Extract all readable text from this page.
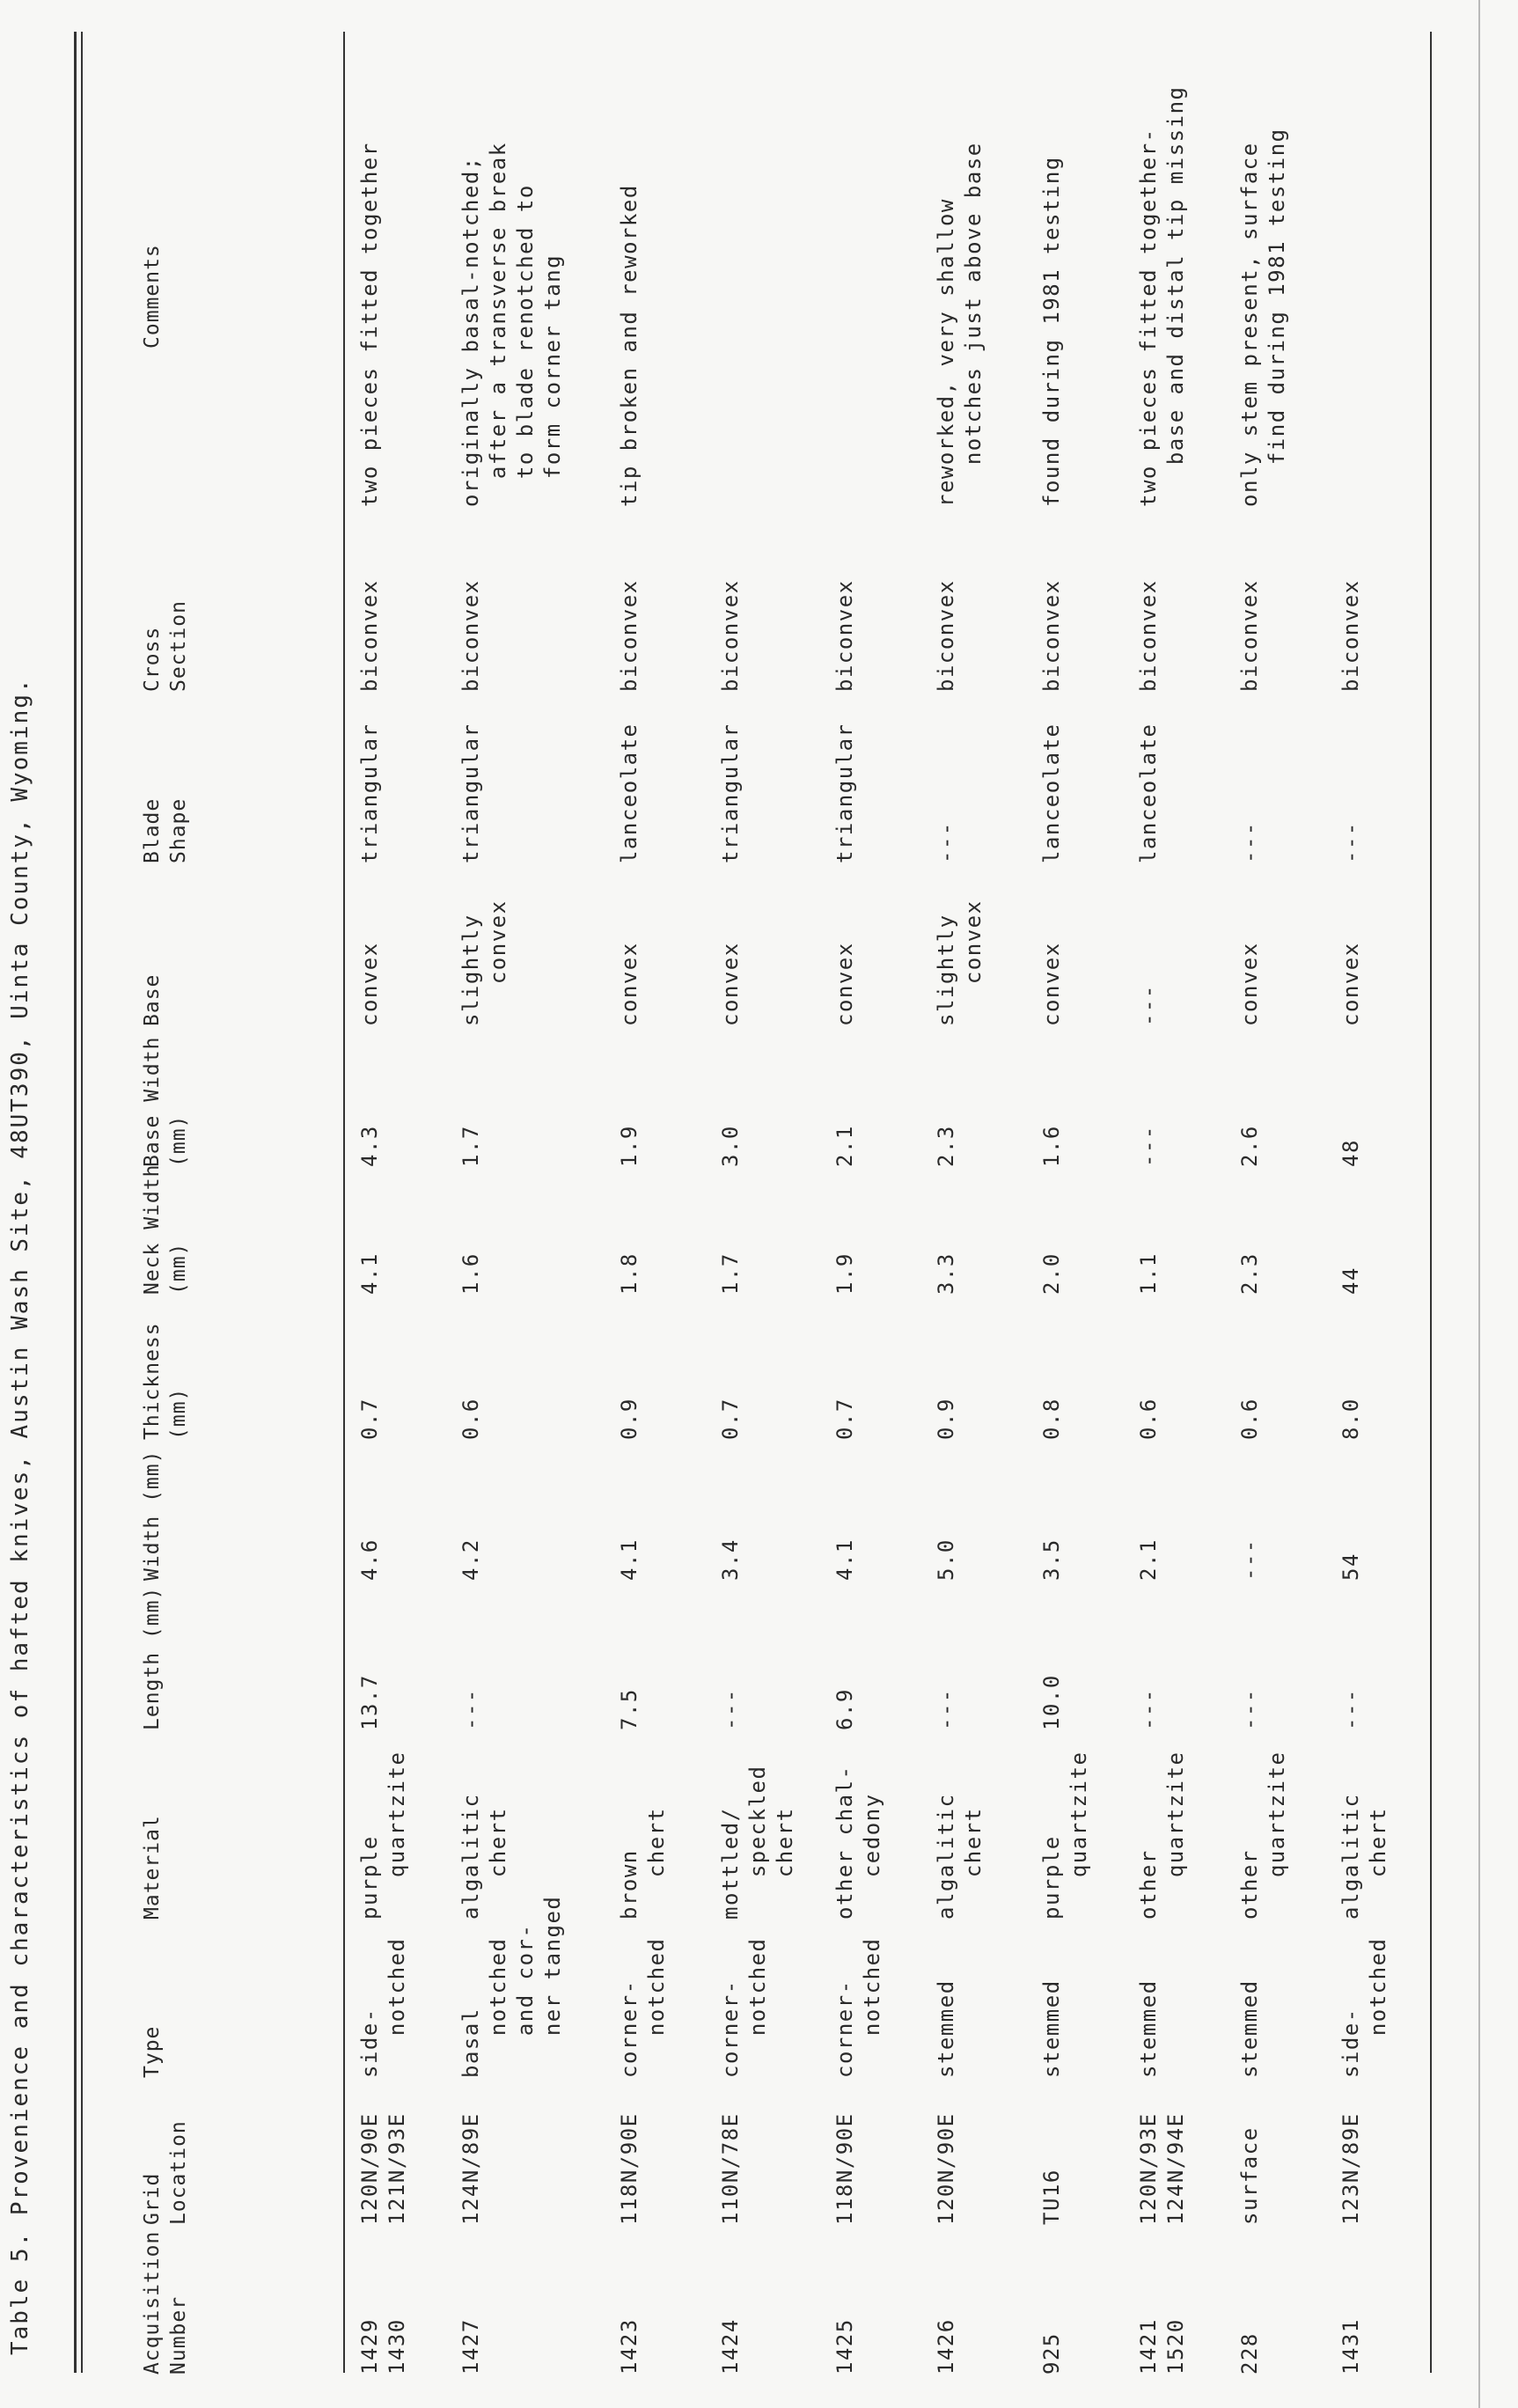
Table 5. Provenience and characteristics of hafted knives, Austin Wash Site, 48UT390, Uinta County, Wyoming.	Acquisition Number
Grid Location
Type
Material
Length (mm)
Width (mm)
Thickness (mm)
Neck Width (mm)
Base Width (mm)
Base
Blade Shape
Cross Section
Comments
1429 1430
120N/90E 121N/93E
side- notched
purple quartzite
13.7
4.6
0.7
4.1
4.3
convex
triangular
biconvex
two pieces fitted together
1427
124N/89E
basal notched and cor- ner tanged
algalitic chert
---
4.2
0.6
1.6
1.7
slightly convex
triangular
biconvex
originally basal-notched; after a transverse break to blade renotched to form corner tang
1423
118N/90E
corner- notched
brown chert
7.5
4.1
0.9
1.8
1.9
convex
lanceolate
biconvex
tip broken and reworked
1424
110N/78E
corner- notched
mottled/ speckled chert
---
3.4
0.7
1.7
3.0
convex
triangular
biconvex
1425
118N/90E
corner- notched
other chal- cedony
6.9
4.1
0.7
1.9
2.1
convex
triangular
biconvex
1426
120N/90E
stemmed
algalitic chert
---
5.0
0.9
3.3
2.3
slightly convex
---
biconvex
reworked, very shallow notches just above base
925
TU16
stemmed
purple quartzite
10.0
3.5
0.8
2.0
1.6
convex
lanceolate
biconvex
found during 1981 testing
1421 1520
120N/93E 124N/94E
stemmed
other quartzite
---
2.1
0.6
1.1
---
---
lanceolate
biconvex
two pieces fitted together- base and distal tip missing
228
surface
stemmed
other quartzite
---
---
0.6
2.3
2.6
convex
---
biconvex
only stem present, surface find during 1981 testing
1431
123N/89E
side- notched
algalitic chert
---
54
8.0
44
48
convex
---
biconvex
